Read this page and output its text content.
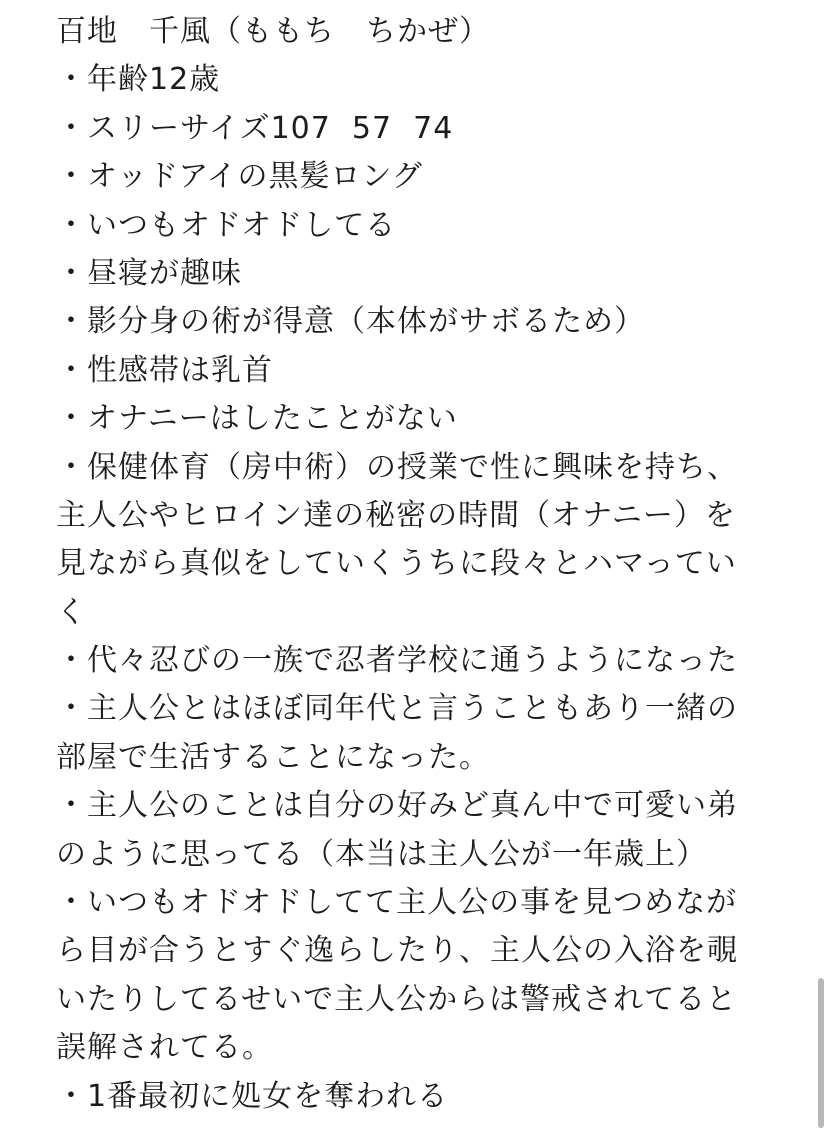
百地　千風（ももち　ちかぜ）
・年齢12歳
・スリーサイズ107  57  74
・オッドアイの黒髪ロング
・いつもオドオドしてる
・昼寝が趣味
・影分身の術が得意（本体がサボるため）
・性感帯は乳首
・オナニーはしたことがない
・保健体育（房中術）の授業で性に興味を持ち、
主人公やヒロイン達の秘密の時間（オナニー）を
見ながら真似をしていくうちに段々とハマってい
く
・代々忍びの一族で忍者学校に通うようになった
・主人公とはほぼ同年代と言うこともあり一緒の
部屋で生活することになった。
・主人公のことは自分の好みど真ん中で可愛い弟
のように思ってる（本当は主人公が一年歳上）
・いつもオドオドしてて主人公の事を見つめなが
ら目が合うとすぐ逸らしたり、主人公の入浴を覗
いたりしてるせいで主人公からは警戒されてると
誤解されてる。
・1番最初に処女を奪われる
